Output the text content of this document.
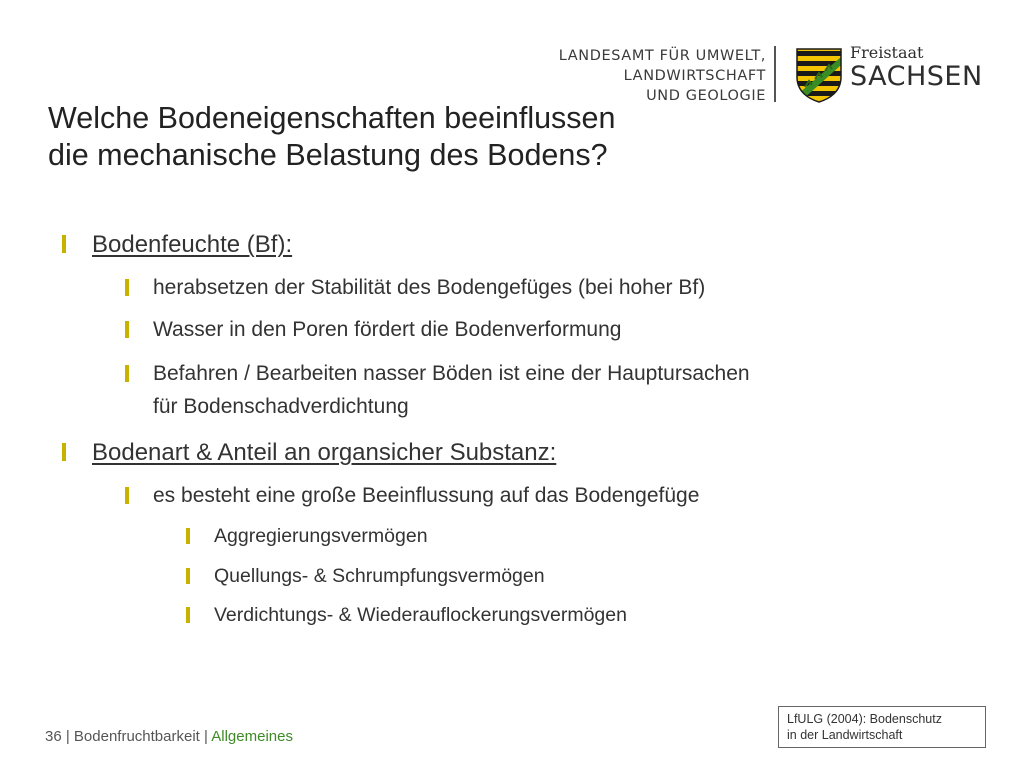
LANDESAMT FÜR UMWELT,
LANDWIRTSCHAFT
UND GEOLOGIE
Freistaat
SACHSEN
Welche Bodeneigenschaften beeinflussen
die mechanische Belastung des Bodens?
Bodenfeuchte (Bf):
herabsetzen der Stabilität des Bodengefüges (bei hoher Bf)
Wasser in den Poren fördert die Bodenverformung
Befahren / Bearbeiten nasser Böden ist eine der Hauptursachen
für Bodenschadverdichtung
Bodenart & Anteil an organsicher Substanz:
es besteht eine große Beeinflussung auf das Bodengefüge
Aggregierungsvermögen
Quellungs- & Schrumpfungsvermögen
Verdichtungs- & Wiederauflockerungsvermögen
36 | Bodenfruchtbarkeit | Allgemeines
LfULG (2004): Bodenschutz
in der Landwirtschaft
